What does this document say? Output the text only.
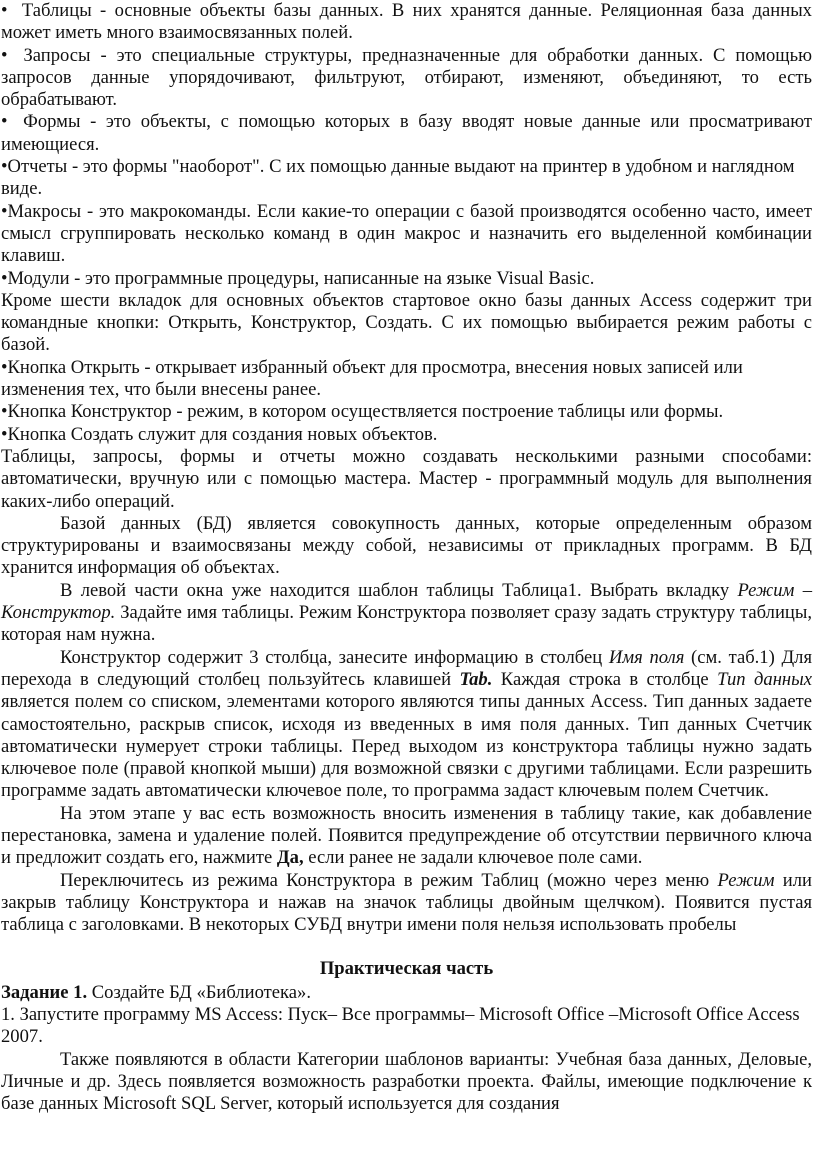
• Таблицы - основные объекты базы данных. В них хранятся данные. Реляционная база данных может иметь много взаимосвязанных полей.

• Запросы - это специальные структуры, предназначенные для обработки данных. С помощью запросов данные упорядочивают, фильтруют, отбирают, изменяют, объединяют, то есть обрабатывают.

• Формы - это объекты, с помощью которых в базу вводят новые данные или просматривают имеющиеся.

•Отчеты - это формы "наоборот". С их помощью данные выдают на принтер в удобном и наглядном виде.

•Макросы - это макрокоманды. Если какие-то операции с базой производятся особенно часто, имеет смысл сгруппировать несколько команд в один макрос и назначить его выделенной комбинации клавиш.

•Модули - это программные процедуры, написанные на языке Visual Basic.

Кроме шести вкладок для основных объектов стартовое окно базы данных Access содержит три командные кнопки: Открыть, Конструктор, Создать. С их помощью выбирается режим работы с базой.

•Кнопка Открыть - открывает избранный объект для просмотра, внесения новых записей или изменения тех, что были внесены ранее.

•Кнопка Конструктор - режим, в котором осуществляется построение таблицы или формы.

•Кнопка Создать служит для создания новых объектов.

Таблицы, запросы, формы и отчеты можно создавать несколькими разными способами: автоматически, вручную или с помощью мастера. Мастер - программный модуль для выполнения каких-либо операций.

Базой данных (БД) является совокупность данных, которые определенным образом структурированы и взаимосвязаны между собой, независимы от прикладных программ. В БД хранится информация об объектах.

В левой части окна уже находится шаблон таблицы Таблица1. Выбрать вкладку Режим – Конструктор. Задайте имя таблицы. Режим Конструктора позволяет сразу задать структуру таблицы, которая нам нужна.

Конструктор содержит 3 столбца, занесите информацию в столбец Имя поля (см. таб.1) Для перехода в следующий столбец пользуйтесь клавишей Tab. Каждая строка в столбце Тип данных является полем со списком, элементами которого являются типы данных Access. Тип данных задаете самостоятельно, раскрыв список, исходя из введенных в имя поля данных. Тип данных Счетчик автоматически нумерует строки таблицы. Перед выходом из конструктора таблицы нужно задать ключевое поле (правой кнопкой мыши) для возможной связки с другими таблицами. Если разрешить программе задать автоматически ключевое поле, то программа задаст ключевым полем Счетчик.

На этом этапе у вас есть возможность вносить изменения в таблицу такие, как добавление перестановка, замена и удаление полей. Появится предупреждение об отсутствии первичного ключа и предложит создать его, нажмите Да, если ранее не задали ключевое поле сами.

Переключитесь из режима Конструктора в режим Таблиц (можно через меню Режим или закрыв таблицу Конструктора и нажав на значок таблицы двойным щелчком). Появится пустая таблица с заголовками. В некоторых СУБД внутри имени поля нельзя использовать пробелы

Практическая часть

Задание 1. Создайте БД «Библиотека».

1. Запустите программу MS Access: Пуск– Все программы– Microsoft Office –Microsoft Office Access 2007.

Также появляются в области Категории шаблонов варианты: Учебная база данных, Деловые, Личные и др. Здесь появляется возможность разработки проекта. Файлы, имеющие подключение к базе данных Microsoft SQL Server, который используется для создания
